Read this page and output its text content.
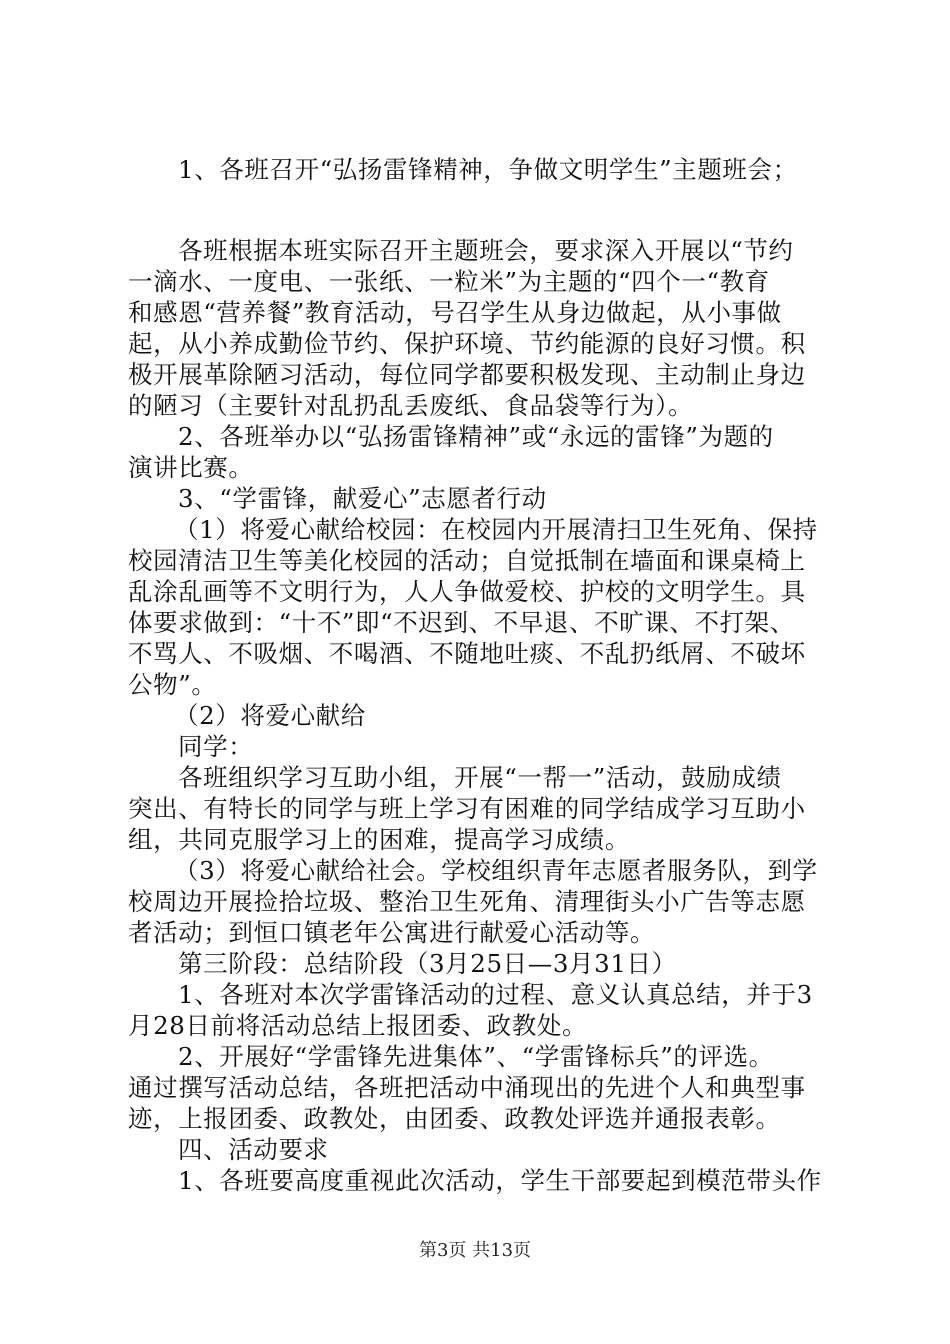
1、各班召开“弘扬雷锋精神，争做文明学生”主题班会；
各班根据本班实际召开主题班会，要求深入开展以“节约
一滴水、一度电、一张纸、一粒米”为主题的“四个一“教育
和感恩“营养餐”教育活动，号召学生从身边做起，从小事做
起，从小养成勤俭节约、保护环境、节约能源的良好习惯。积
极开展革除陋习活动，每位同学都要积极发现、主动制止身边
的陋习（主要针对乱扔乱丢废纸、食品袋等行为）。
2、各班举办以“弘扬雷锋精神”或“永远的雷锋”为题的
演讲比赛。
3、“学雷锋，献爱心”志愿者行动
（1）将爱心献给校园：在校园内开展清扫卫生死角、保持
校园清洁卫生等美化校园的活动；自觉抵制在墙面和课桌椅上
乱涂乱画等不文明行为，人人争做爱校、护校的文明学生。具
体要求做到：“十不”即“不迟到、不早退、不旷课、不打架、
不骂人、不吸烟、不喝酒、不随地吐痰、不乱扔纸屑、不破坏
公物”。
（2）将爱心献给
同学：
各班组织学习互助小组，开展“一帮一”活动，鼓励成绩
突出、有特长的同学与班上学习有困难的同学结成学习互助小
组，共同克服学习上的困难，提高学习成绩。
（3）将爱心献给社会。学校组织青年志愿者服务队，到学
校周边开展捡拾垃圾、整治卫生死角、清理街头小广告等志愿
者活动；到恒口镇老年公寓进行献爱心活动等。
第三阶段：总结阶段（3月25日—3月31日）
1、各班对本次学雷锋活动的过程、意义认真总结，并于3
月28日前将活动总结上报团委、政教处。
2、开展好“学雷锋先进集体”、“学雷锋标兵”的评选。
通过撰写活动总结，各班把活动中涌现出的先进个人和典型事
迹，上报团委、政教处，由团委、政教处评选并通报表彰。
四、活动要求
1、各班要高度重视此次活动，学生干部要起到模范带头作
第3页 共13页
